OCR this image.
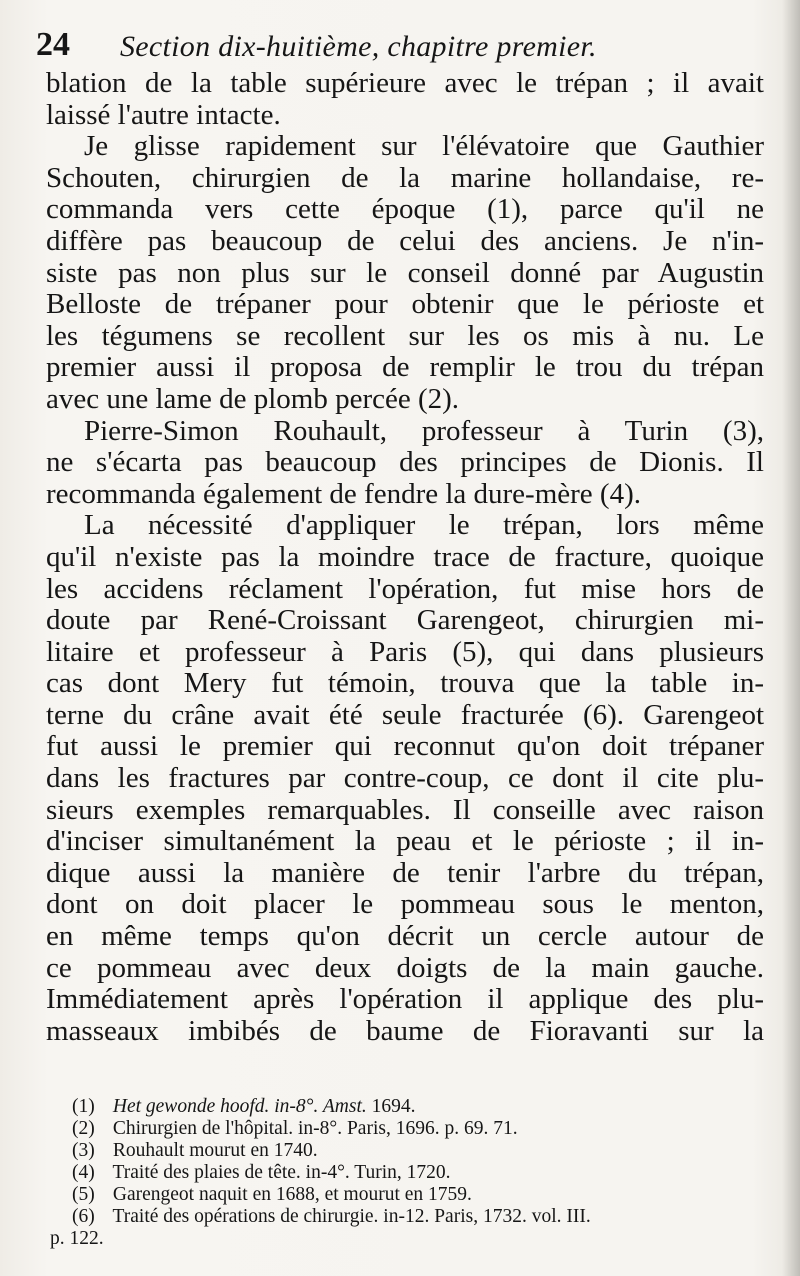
24 Section dix-huitième, chapitre premier.
blation de la table supérieure avec le trépan ; il avait
laissé l'autre intacte.
Je glisse rapidement sur l'élévatoire que Gauthier
Schouten, chirurgien de la marine hollandaise, re-
commanda vers cette époque (1), parce qu'il ne
diffère pas beaucoup de celui des anciens. Je n'in-
siste pas non plus sur le conseil donné par Augustin
Belloste de trépaner pour obtenir que le périoste et
les tégumens se recollent sur les os mis à nu. Le
premier aussi il proposa de remplir le trou du trépan
avec une lame de plomb percée (2).
Pierre-Simon Rouhault, professeur à Turin (3),
ne s'écarta pas beaucoup des principes de Dionis. Il
recommanda également de fendre la dure-mère (4).
La nécessité d'appliquer le trépan, lors même
qu'il n'existe pas la moindre trace de fracture, quoique
les accidens réclament l'opération, fut mise hors de
doute par René-Croissant Garengeot, chirurgien mi-
litaire et professeur à Paris (5), qui dans plusieurs
cas dont Mery fut témoin, trouva que la table in-
terne du crâne avait été seule fracturée (6). Garengeot
fut aussi le premier qui reconnut qu'on doit trépaner
dans les fractures par contre-coup, ce dont il cite plu-
sieurs exemples remarquables. Il conseille avec raison
d'inciser simultanément la peau et le périoste ; il in-
dique aussi la manière de tenir l'arbre du trépan,
dont on doit placer le pommeau sous le menton,
en même temps qu'on décrit un cercle autour de
ce pommeau avec deux doigts de la main gauche.
Immédiatement après l'opération il applique des plu-
masseaux imbibés de baume de Fioravanti sur la
(1) Het gewonde hoofd. in-8°. Amst. 1694.
(2) Chirurgien de l'hôpital. in-8°. Paris, 1696. p. 69. 71.
(3) Rouhault mourut en 1740.
(4) Traité des plaies de tête. in-4°. Turin, 1720.
(5) Garengeot naquit en 1688, et mourut en 1759.
(6) Traité des opérations de chirurgie. in-12. Paris, 1732. vol. III.
p. 122.
